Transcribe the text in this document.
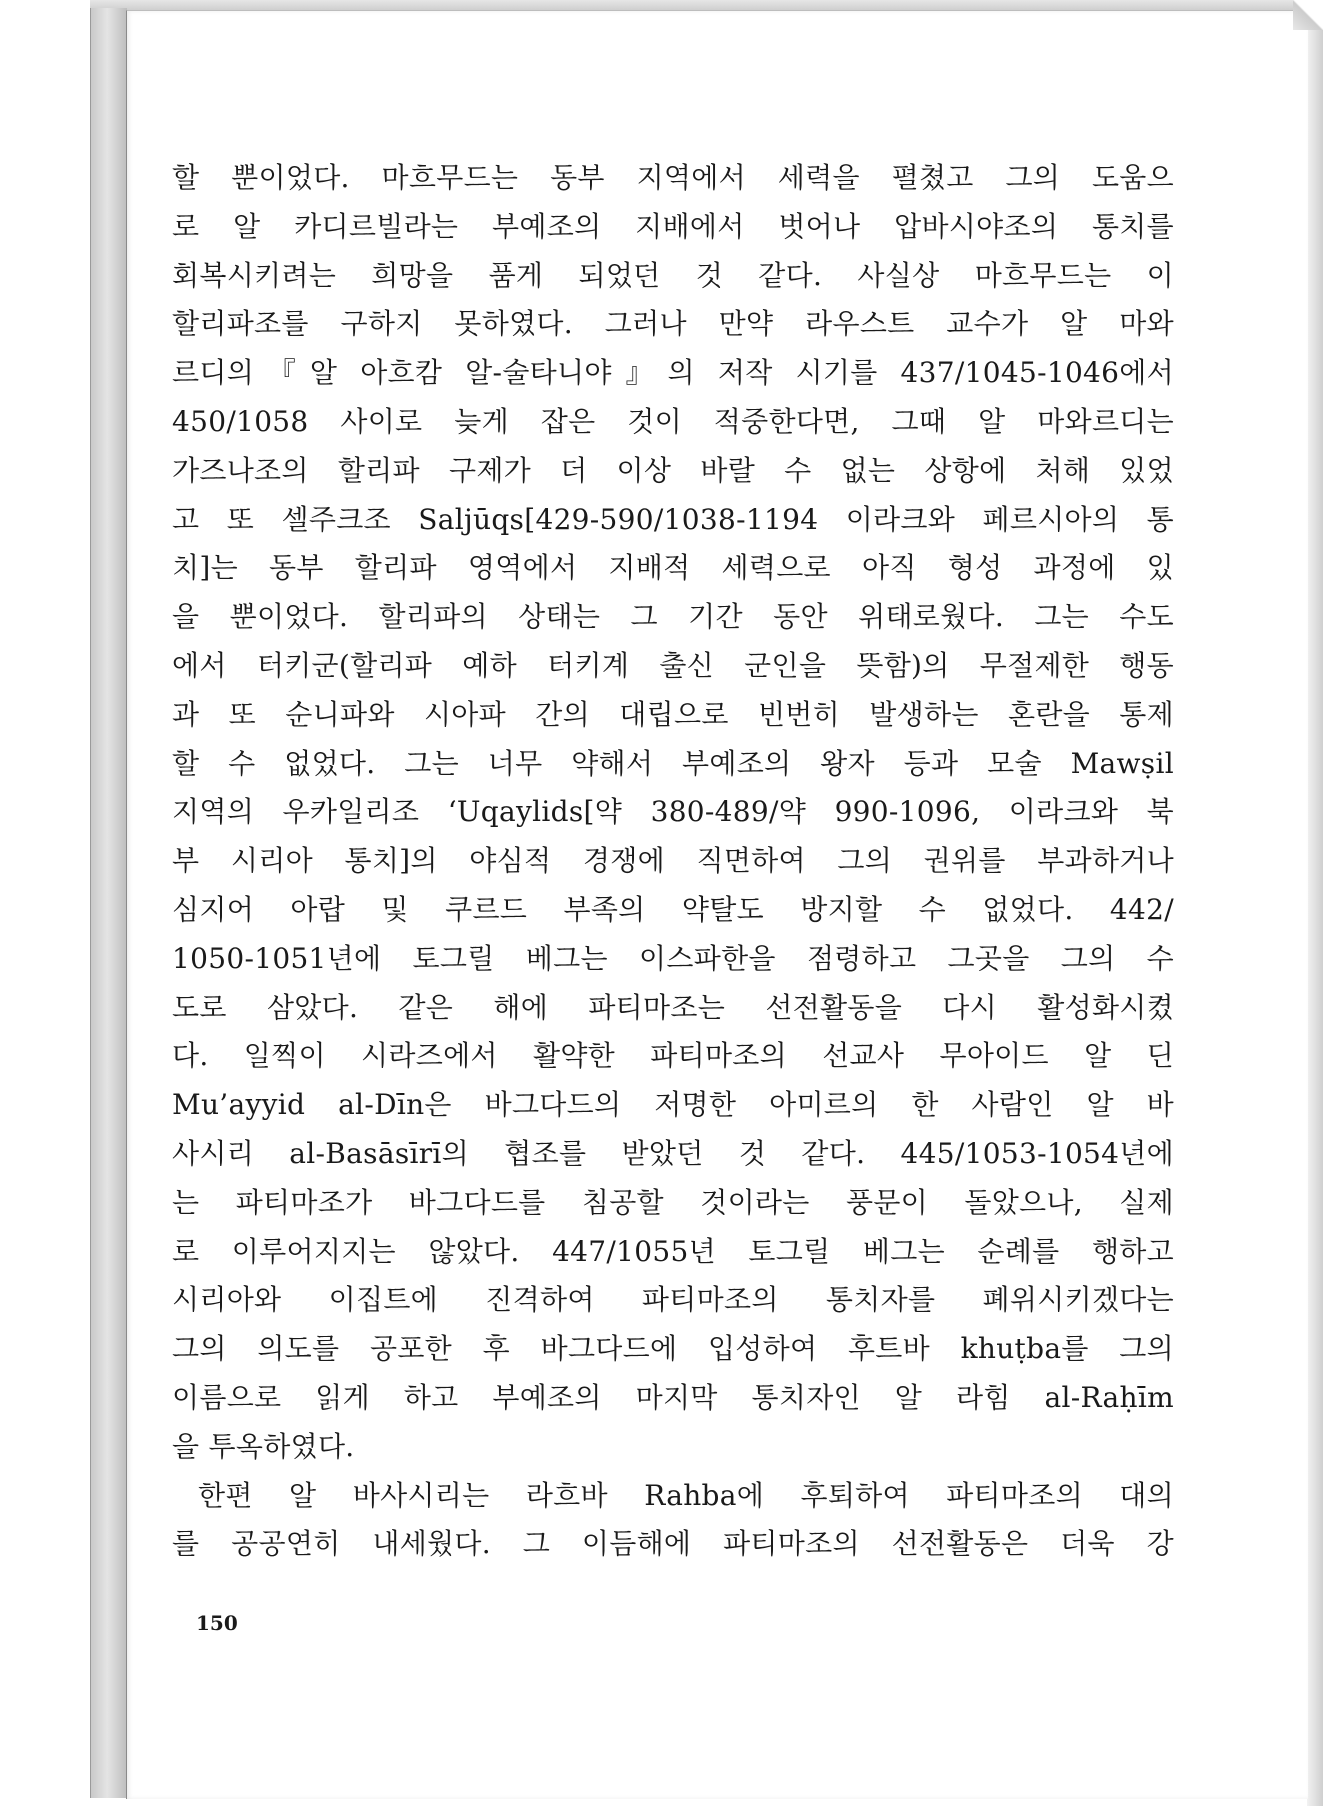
할 뿐이었다. 마흐무드는 동부 지역에서 세력을 펼쳤고 그의 도움으
로 알 카디르빌라는 부예조의 지배에서 벗어나 압바시야조의 통치를
회복시키려는 희망을 품게 되었던 것 같다. 사실상 마흐무드는 이
할리파조를 구하지 못하였다. 그러나 만약 라우스트 교수가 알 마와
르디의『알 아흐캄 알-술타니야』의 저작 시기를 437/1045-1046에서
450/1058 사이로 늦게 잡은 것이 적중한다면, 그때 알 마와르디는
가즈나조의 할리파 구제가 더 이상 바랄 수 없는 상항에 처해 있었
고 또 셀주크조 Saljūqs[429-590/1038-1194 이라크와 페르시아의 통
치]는 동부 할리파 영역에서 지배적 세력으로 아직 형성 과정에 있
을 뿐이었다. 할리파의 상태는 그 기간 동안 위태로웠다. 그는 수도
에서 터키군(할리파 예하 터키계 출신 군인을 뜻함)의 무절제한 행동
과 또 순니파와 시아파 간의 대립으로 빈번히 발생하는 혼란을 통제
할 수 없었다. 그는 너무 약해서 부예조의 왕자 등과 모술 Mawṣil
지역의 우카일리조 ‘Uqaylids[약 380-489/약 990-1096, 이라크와 북
부 시리아 통치]의 야심적 경쟁에 직면하여 그의 권위를 부과하거나
심지어 아랍 및 쿠르드 부족의 약탈도 방지할 수 없었다. 442/
1050-1051년에 토그릴 베그는 이스파한을 점령하고 그곳을 그의 수
도로 삼았다. 같은 해에 파티마조는 선전활동을 다시 활성화시켰
다. 일찍이 시라즈에서 활약한 파티마조의 선교사 무아이드 알 딘
Mu’ayyid al-Dīn은 바그다드의 저명한 아미르의 한 사람인 알 바
사시리 al-Basāsīrī의 협조를 받았던 것 같다. 445/1053-1054년에
는 파티마조가 바그다드를 침공할 것이라는 풍문이 돌았으나, 실제
로 이루어지지는 않았다. 447/1055년 토그릴 베그는 순례를 행하고
시리아와 이집트에 진격하여 파티마조의 통치자를 폐위시키겠다는
그의 의도를 공포한 후 바그다드에 입성하여 후트바 khuṭba를 그의
이름으로 읽게 하고 부예조의 마지막 통치자인 알 라힘 al-Raḥīm
을 투옥하였다.
한편 알 바사시리는 라흐바 Rahba에 후퇴하여 파티마조의 대의
를 공공연히 내세웠다. 그 이듬해에 파티마조의 선전활동은 더욱 강
150
